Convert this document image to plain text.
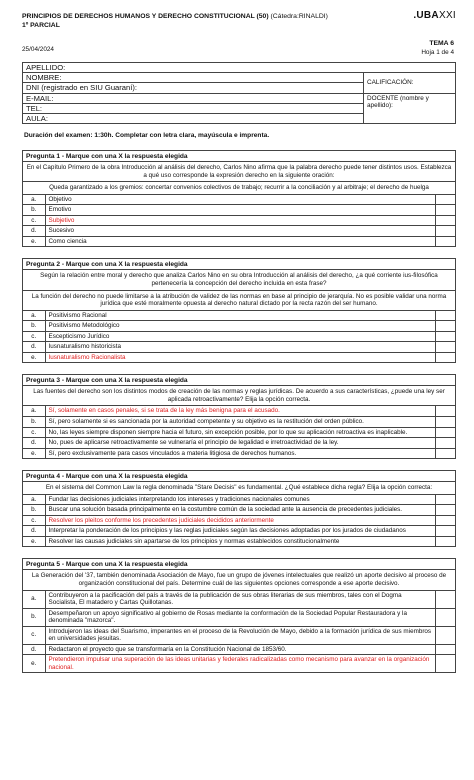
PRINCIPIOS DE DERECHOS HUMANOS Y DERECHO CONSTITUCIONAL (50) (Cátedra:RINALDI)
1º PARCIAL
.UBAXXI
25/04/2024
TEMA 6
Hoja 1 de 4
APELLIDO:	
NOMBRE:	CALIFICACIÓN:
DNI (registrado en SIU Guaraní):	
E-MAIL:	DOCENTE (nombre y apellido):
TEL:	
AULA:	
Duración del examen: 1:30h. Completar con letra clara, mayúscula e imprenta.
Pregunta 1 - Marque con una X la respuesta elegida
En el Capítulo Primero de la obra Introducción al análisis del derecho, Carlos Nino afirma que la palabra derecho puede tener distintos usos. Establezca a qué uso corresponde la expresión derecho en la siguiente oración:
Queda garantizado a los gremios: concertar convenios colectivos de trabajo; recurrir a la conciliación y al arbitraje; el derecho de huelga
a.	Objetivo	
b.	Emotivo	
c.	Subjetivo	
d.	Sucesivo	
e.	Como ciencia	
Pregunta 2 - Marque con una X la respuesta elegida
Según la relación entre moral y derecho que analiza Carlos Nino en su obra Introducción al análisis del derecho, ¿a qué corriente ius-filosófica pertenecería la concepción del derecho incluida en esta frase?
La función del derecho no puede limitarse a la atribución de validez de las normas en base al principio de jerarquía. No es posible validar una norma jurídica que esté moralmente opuesta al derecho natural dictado por la recta razón del ser humano.
a.	Positivismo Racional	
b.	Positivismo Metodológico	
c.	Escepticismo Jurídico	
d.	Iusnaturalismo historicista	
e.	Iusnaturalismo Racionalista	
Pregunta 3 - Marque con una X la respuesta elegida
Las fuentes del derecho son los distintos modos de creación de las normas y reglas jurídicas. De acuerdo a sus características, ¿puede una ley ser aplicada retroactivamente? Elija la opción correcta.
a.	Sí, solamente en casos penales, si se trata de la ley más benigna para el acusado.	
b.	Sí, pero solamente si es sancionada por la autoridad competente y su objetivo es la restitución del orden público.	
c.	No, las leyes siempre disponen siempre hacia el futuro, sin excepción posible, por lo que su aplicación retroactiva es inaplicable.	
d.	No, pues de aplicarse retroactivamente se vulneraría el principio de legalidad e irretroactividad de la ley.	
e.	Sí, pero exclusivamente para casos vinculados a materia litigiosa de derechos humanos.	
Pregunta 4 - Marque con una X la respuesta elegida
En el sistema del Common Law la regla denominada "Stare Decisis" es fundamental. ¿Qué establece dicha regla? Elija la opción correcta:
a.	Fundar las decisiones judiciales interpretando los intereses y tradiciones nacionales comunes	
b.	Buscar una solución basada principalmente en la costumbre común de la sociedad ante la ausencia de precedentes judiciales.	
c.	Resolver los pleitos conforme los precedentes judiciales decididos anteriormente	
d.	Interpretar la ponderación de los principios y las reglas judiciales según las decisiones adoptadas por los jurados de ciudadanos	
e.	Resolver las causas judiciales sin apartarse de los principios y normas establecidos constitucionalmente	
Pregunta 5 - Marque con una X la respuesta elegida
La Generación del '37, también denominada Asociación de Mayo, fue un grupo de jóvenes intelectuales que realizó un aporte decisivo al proceso de organización constitucional del país. Determine cuál de las siguientes opciones corresponde a ese aporte decisivo.
a.	Contribuyeron a la pacificación del país a través de la publicación de sus obras literarias de sus miembros, tales con el Dogma Socialista, El matadero y Cartas Quillotanas.	
b.	Desempeñaron un apoyo significativo al gobierno de Rosas mediante la conformación de la Sociedad Popular Restauradora y la denominada "mazorca".	
c.	Introdujeron las ideas del Suarismo, imperantes en el proceso de la Revolución de Mayo, debido a la formación jurídica de sus miembros en universidades jesuitas.	
d.	Redactaron el proyecto que se transformaría en la Constitución Nacional de 1853/60.	
e.	Pretendieron impulsar una superación de las ideas unitarias y federales radicalizadas como mecanismo para avanzar en la organización nacional.	
